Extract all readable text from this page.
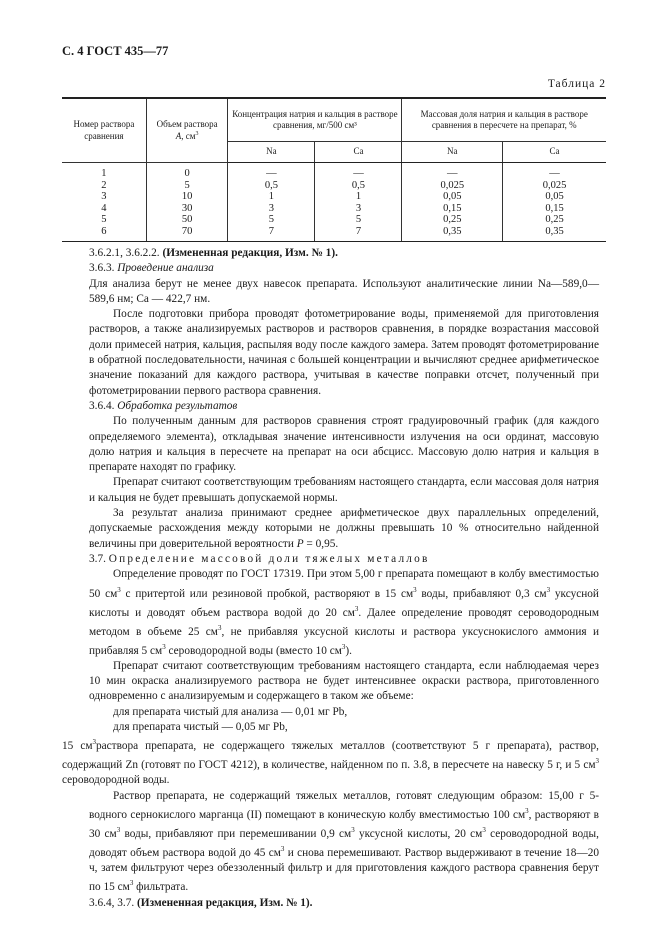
С. 4 ГОСТ 435—77
Таблица 2
Номер раствора сравнения	Объем раствора
А, $см^3$	Концентрация натрия и кальция в растворе сравнения, мг/500 см³		Массовая доля натрия и кальция в растворе сравнения в пересчете на препарат, %	
		Na	Ca	Na	Ca
1	0	—	—	—	—
2	5	0,5	0,5	0,025	0,025
3	10	1	1	0,05	0,05
4	30	3	3	0,15	0,15
5	50	5	5	0,25	0,25
6	70	7	7	0,35	0,35

3.6.2.1, 3.6.2.2. (Измененная редакция, Изм. № 1).

3.6.3. Проведение анализа

Для анализа берут не менее двух навесок препарата. Используют аналитические линии Na—589,0—589,6 нм; Са — 422,7 нм.

После подготовки прибора проводят фотометрирование воды, применяемой для приготовления растворов, а также анализируемых растворов и растворов сравнения, в порядке возрастания массовой доли примесей натрия, кальция, распыляя воду после каждого замера. Затем проводят фотометрирование в обратной последовательности, начиная с большей концентрации и вычисляют среднее арифметическое значение показаний для каждого раствора, учитывая в качестве поправки отсчет, полученный при фотометрировании первого раствора сравнения.

3.6.4. Обработка результатов

По полученным данным для растворов сравнения строят градуировочный график (для каждого определяемого элемента), откладывая значение интенсивности излучения на оси ординат, массовую долю натрия и кальция в пересчете на препарат на оси абсцисс. Массовую долю натрия и кальция в препарате находят по графику.

Препарат считают соответствующим требованиям настоящего стандарта, если массовая доля натрия и кальция не будет превышать допускаемой нормы.

За результат анализа принимают среднее арифметическое двух параллельных определений, допускаемые расхождения между которыми не должны превышать 10 % относительно найденной величины при доверительной вероятности Р = 0,95.

3.7. Определение массовой доли тяжелых металлов

Определение проводят по ГОСТ 17319. При этом 5,00 г препарата помещают в колбу вместимостью 50 $см^3$ с притертой или резиновой пробкой, растворяют в 15 $см^3$ воды, прибавляют 0,3 $см^3$ уксусной кислоты и доводят объем раствора водой до 20 $см^3$. Далее определение проводят сероводородным методом в объеме 25 $см^3$, не прибавляя уксусной кислоты и раствора уксуснокислого аммония и прибавляя 5 $см^3$ сероводородной воды (вместо 10 $см^3$).

Препарат считают соответствующим требованиям настоящего стандарта, если наблюдаемая через 10 мин окраска анализируемого раствора не будет интенсивнее окраски раствора, приготовленного одновременно с анализируемым и содержащего в таком же объеме:

для препарата чистый для анализа — 0,01 мг Pb,

для препарата чистый — 0,05 мг Pb,

15 $см^3раствора$ препарата, не содержащего тяжелых металлов (соответствуют 5 г препарата), раствор, содержащий Zn (готовят по ГОСТ 4212), в количестве, найденном по п. 3.8, в пересчете на навеску 5 г, и 5 $см^3$ сероводородной воды.

Раствор препарата, не содержащий тяжелых металлов, готовят следующим образом: 15,00 г 5-водного сернокислого марганца (II) помещают в коническую колбу вместимостью 100 $см^3$, растворяют в 30 $см^3$ воды, прибавляют при перемешивании 0,9 $см^3$ уксусной кислоты, 20 $см^3$ сероводородной воды, доводят объем раствора водой до 45 $см^3$ и снова перемешивают. Раствор выдерживают в течение 18—20 ч, затем фильтруют через обеззоленный фильтр и для приготовления каждого раствора сравнения берут по 15 $см^3$ фильтрата.

3.6.4, 3.7. (Измененная редакция, Изм. № 1).
